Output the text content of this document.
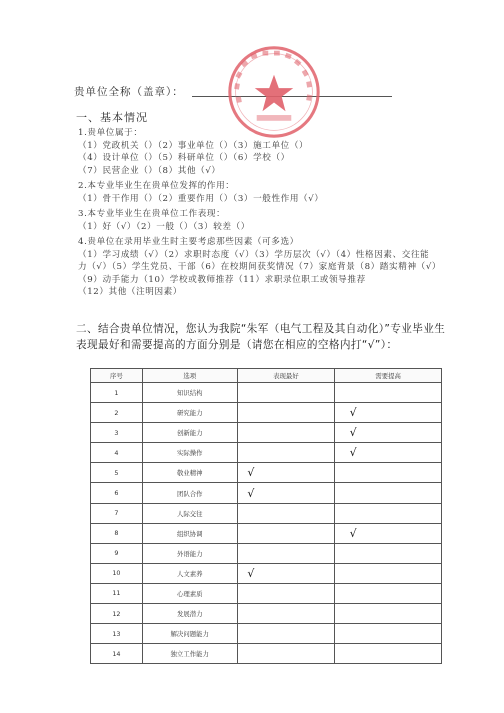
贵单位全称（盖章）：
一、基本情况
1.贵单位属于：
（1）党政机关（）（2）事业单位（）（3）施工单位（）
（4）设计单位（）（5）科研单位（）（6）学校（）
（7）民营企业（）（8）其他（√）
2.本专业毕业生在贵单位发挥的作用：
（1）骨干作用（）（2）重要作用（）（3）一般性作用（√）
3.本专业毕业生在贵单位工作表现：
（1）好（√）（2）一般（）（3）较差（）
4.贵单位在录用毕业生时主要考虑那些因素（可多选）
（1）学习成绩（√）（2）求职时态度（√）（3）学历层次（√）（4）性格因素、交往能力（√）（5）学生党员、干部（6）在校期间获奖情况（7）家庭背景（8）踏实精神（√）（9）动手能力（10）学校或教师推荐（11）求职录位职工或领导推荐
（12）其他（注明因素）
二、结合贵单位情况，您认为我院“朱军（电气工程及其自动化）”专业毕业生表现最好和需要提高的方面分别是（请您在相应的空格内打“√”）：
序号	选项	表现最好	需要提高
1	知识结构		
2	研究能力		√
3	创新能力		√
4	实际操作		√
5	敬业精神	√	
6	团队合作	√	
7	人际交往		
8	组织协调		√
9	外语能力		
10	人文素养	√	
11	心理素质		
12	发展潜力		
13	解决问题能力		
14	独立工作能力		
